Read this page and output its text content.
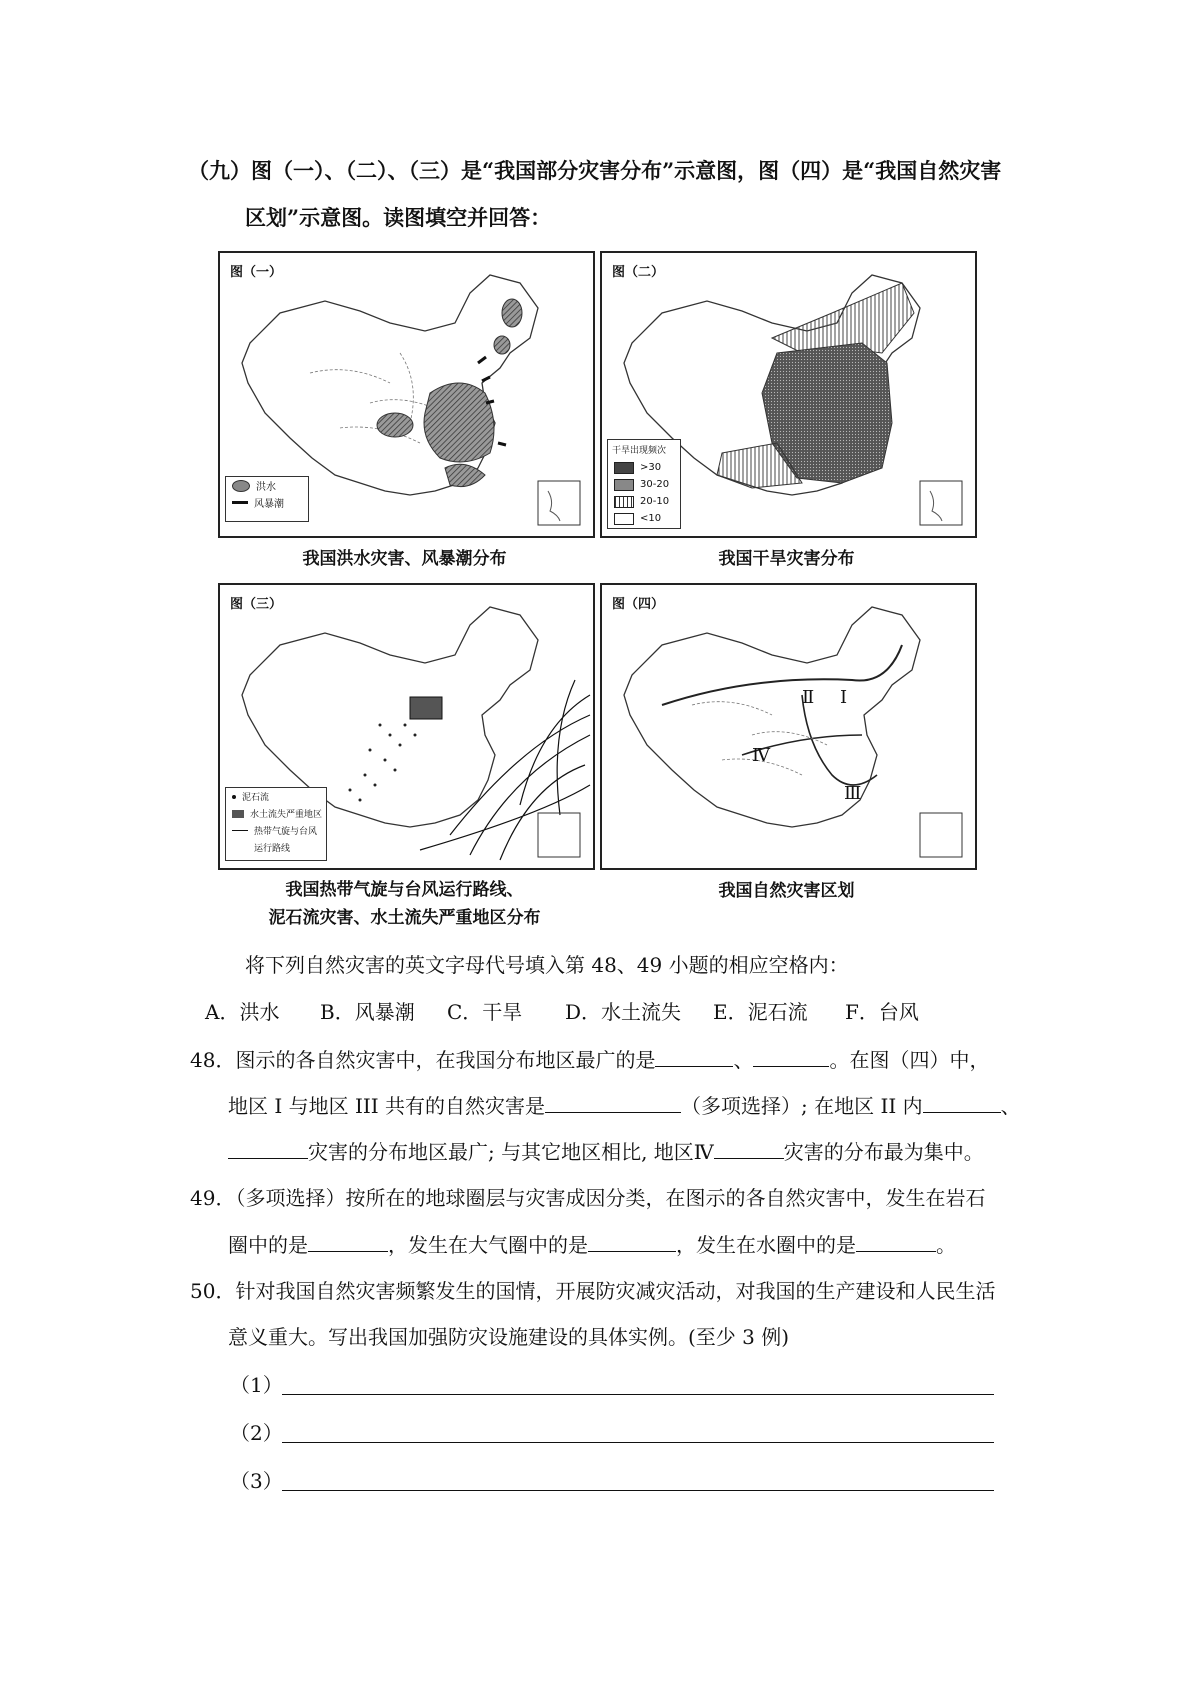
（九）图（一）、（二）、（三）是“我国部分灾害分布”示意图，图（四）是“我国自然灾害
区划”示意图。读图填空并回答：
图（一）
洪水
风暴潮
我国洪水灾害、风暴潮分布
图（二）
干旱出现频次
>30
30-20
20-10
<10
我国干旱灾害分布
图（三）
泥石流
水土流失严重地区
热带气旋与台风
运行路线
我国热带气旋与台风运行路线、
泥石流灾害、水土流失严重地区分布
图（四）
Ⅰ
Ⅱ
Ⅲ
Ⅳ
我国自然灾害区划
将下列自然灾害的英文字母代号填入第 48、49 小题的相应空格内：
A．洪水	B．风暴潮	C．干旱	D．水土流失	E．泥石流	F．台风
48．图示的各自然灾害中，在我国分布地区最广的是	、	。在图（四）中，
地区 I 与地区 III 共有的自然灾害是	（多项选择）; 在地区 II 内	、
灾害的分布地区最广; 与其它地区相比, 地区Ⅳ	灾害的分布最为集中。
49．（多项选择）按所在的地球圈层与灾害成因分类，在图示的各自然灾害中，发生在岩石
圈中的是	，发生在大气圈中的是	，发生在水圈中的是	。
50．针对我国自然灾害频繁发生的国情，开展防灾减灾活动，对我国的生产建设和人民生活
意义重大。写出我国加强防灾设施建设的具体实例。(至少 3 例)
（1）
（2）
（3）
